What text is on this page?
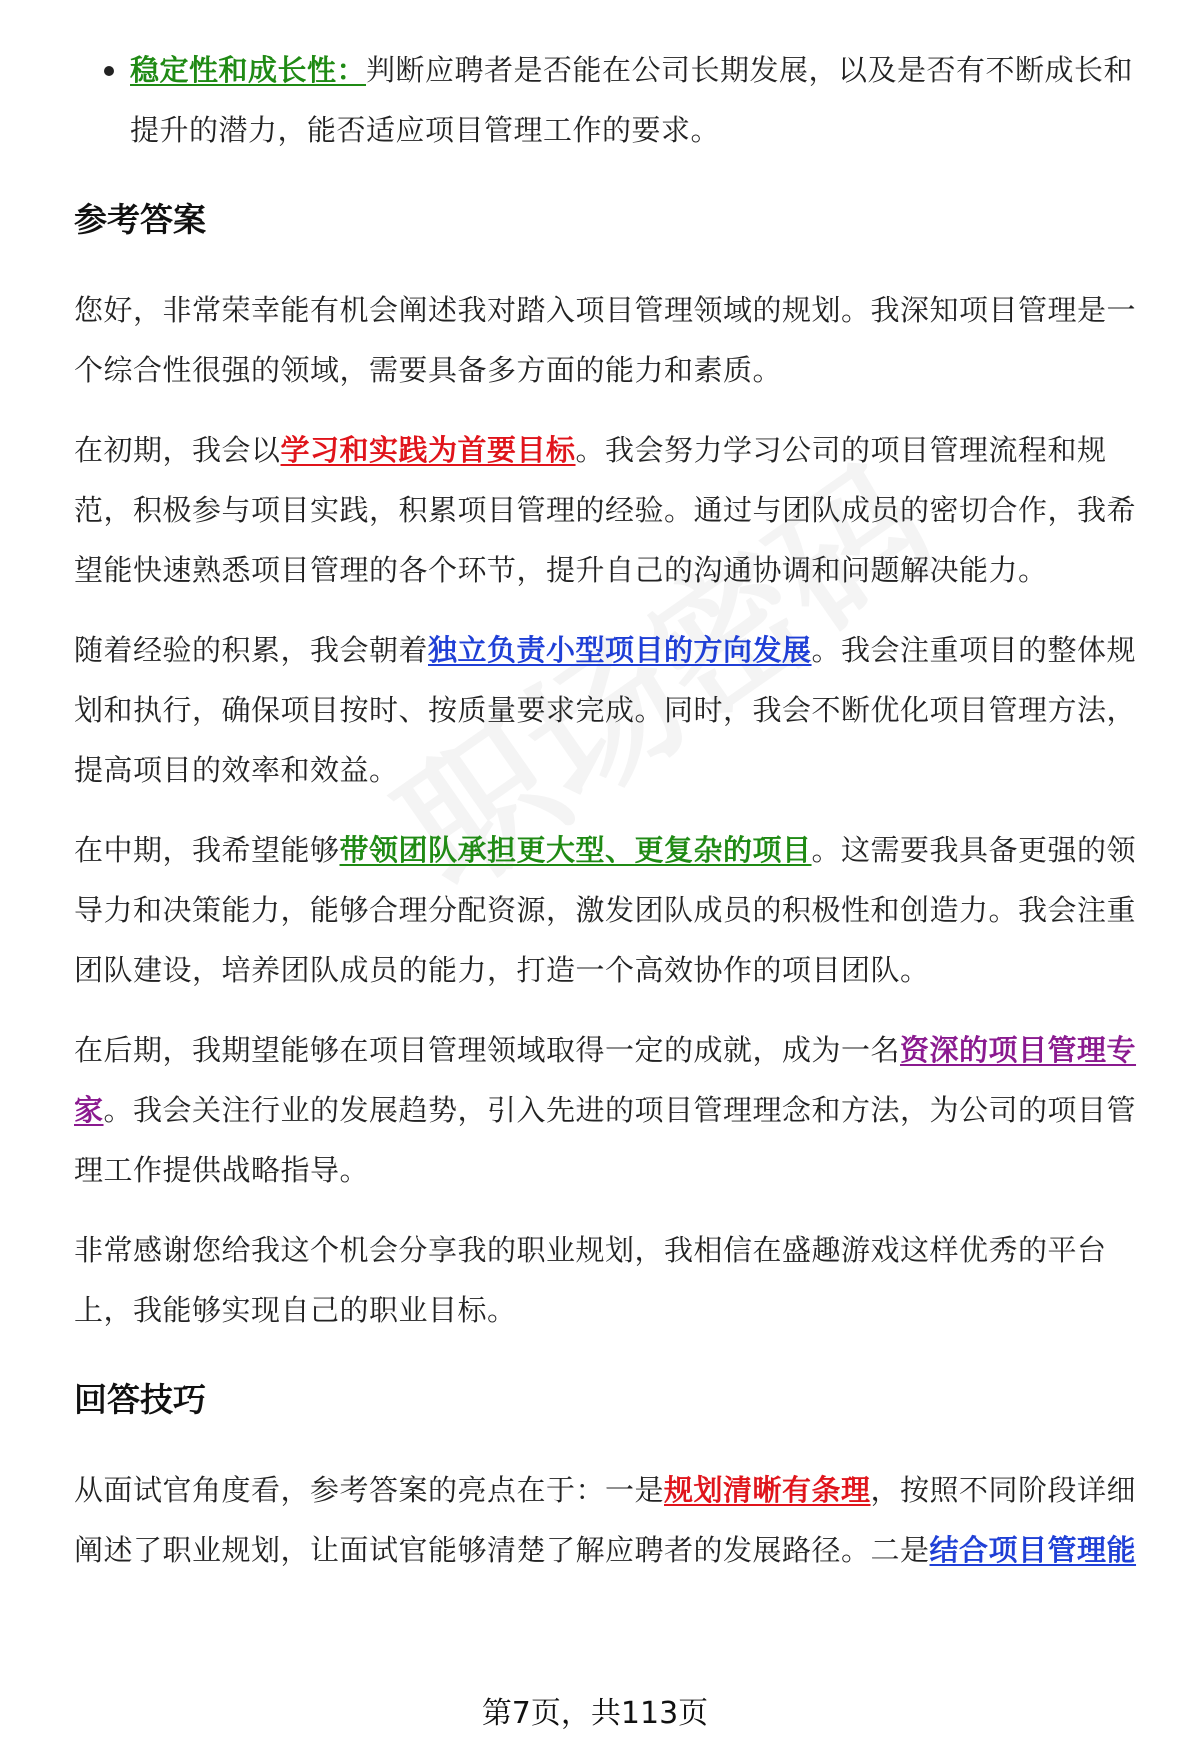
稳定性和成长性：判断应聘者是否能在公司长期发展，以及是否有不断成长和提升的潜力，能否适应项目管理工作的要求。

参考答案

您好，非常荣幸能有机会阐述我对踏入项目管理领域的规划。我深知项目管理是一个综合性很强的领域，需要具备多方面的能力和素质。

在初期，我会以学习和实践为首要目标。我会努力学习公司的项目管理流程和规范，积极参与项目实践，积累项目管理的经验。通过与团队成员的密切合作，我希望能快速熟悉项目管理的各个环节，提升自己的沟通协调和问题解决能力。

随着经验的积累，我会朝着独立负责小型项目的方向发展。我会注重项目的整体规划和执行，确保项目按时、按质量要求完成。同时，我会不断优化项目管理方法，提高项目的效率和效益。

在中期，我希望能够带领团队承担更大型、更复杂的项目。这需要我具备更强的领导力和决策能力，能够合理分配资源，激发团队成员的积极性和创造力。我会注重团队建设，培养团队成员的能力，打造一个高效协作的项目团队。

在后期，我期望能够在项目管理领域取得一定的成就，成为一名资深的项目管理专家。我会关注行业的发展趋势，引入先进的项目管理理念和方法，为公司的项目管理工作提供战略指导。

非常感谢您给我这个机会分享我的职业规划，我相信在盛趣游戏这样优秀的平台上，我能够实现自己的职业目标。

回答技巧

从面试官角度看，参考答案的亮点在于：一是规划清晰有条理，按照不同阶段详细阐述了职业规划，让面试官能够清楚了解应聘者的发展路径。二是结合项目管理能

第7页，共113页
